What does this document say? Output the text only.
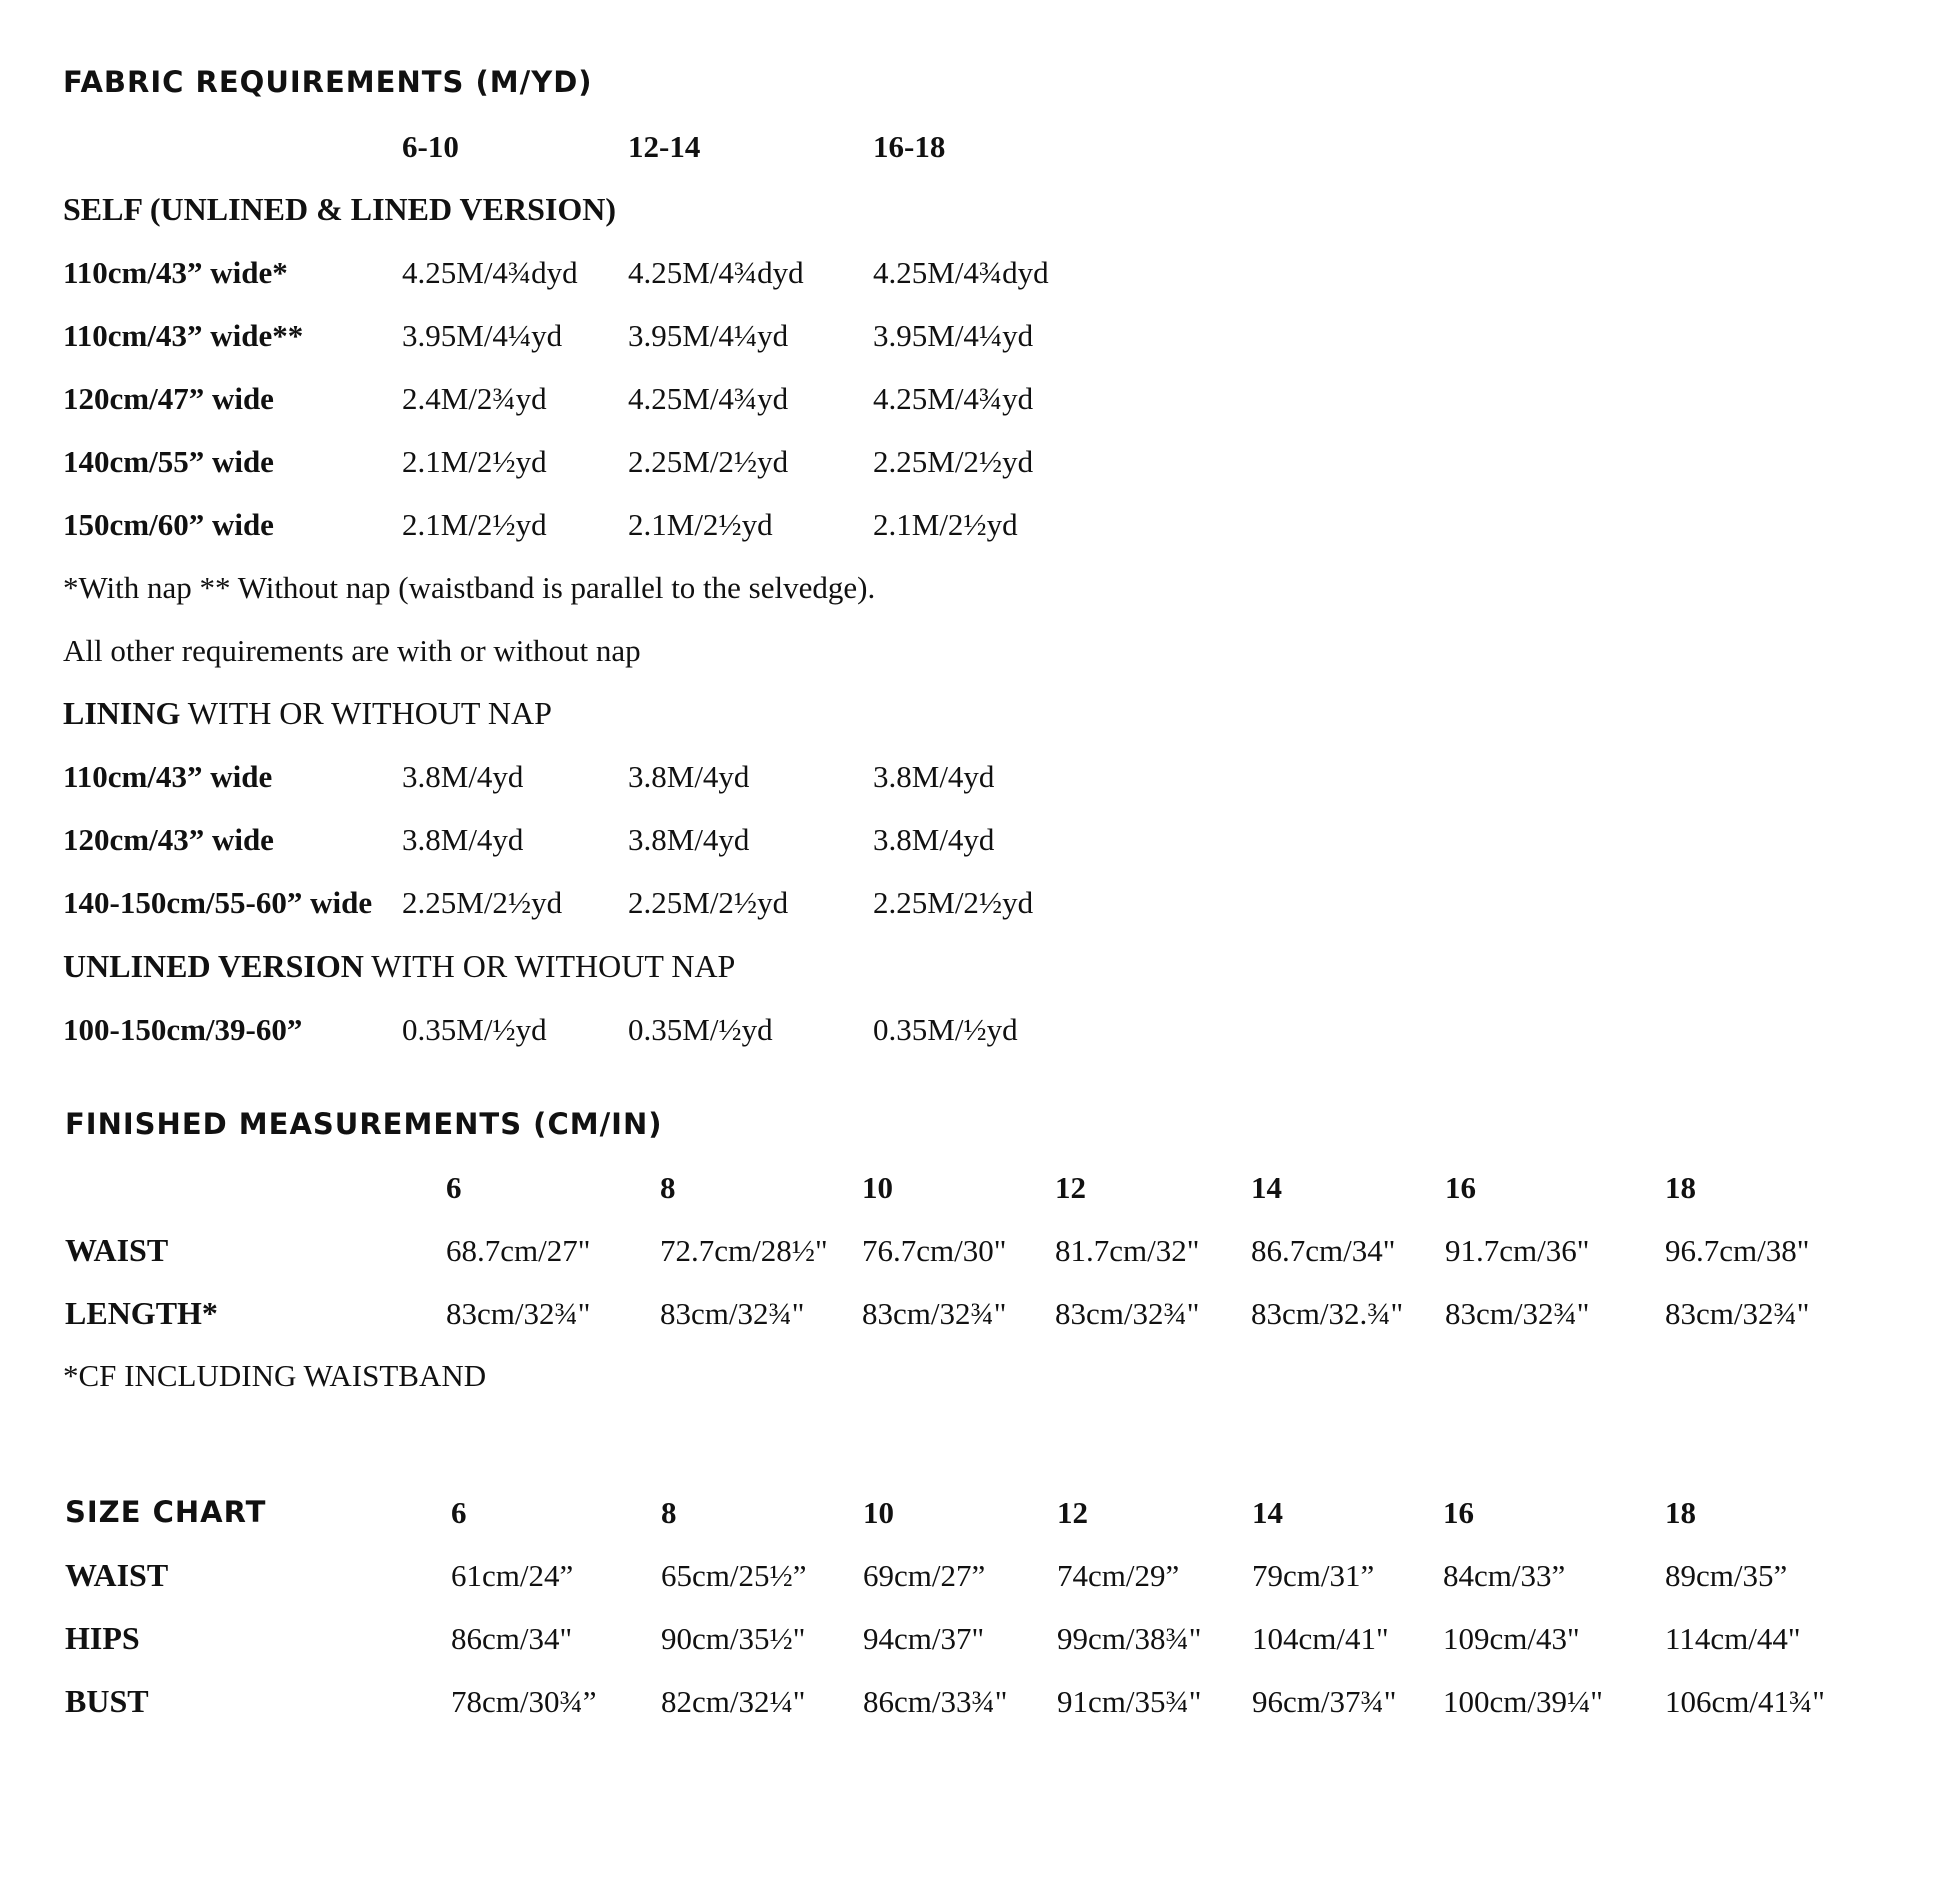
FABRIC REQUIREMENTS (M/YD)
6-10	12-14	16-18
SELF (UNLINED & LINED VERSION)
110cm/43” wide*	4.25M/4¾dyd 4.25M/4¾dyd 4.25M/4¾dyd
110cm/43” wide**	3.95M/4¼yd 3.95M/4¼yd	3.95M/4¼yd
120cm/47” wide	2.4M/2¾yd	4.25M/4¾yd	4.25M/4¾yd
140cm/55” wide	2.1M/2½yd	2.25M/2½yd	2.25M/2½yd
150cm/60” wide	2.1M/2½yd	2.1M/2½yd	2.1M/2½yd
*With nap ** Without nap (waistband is parallel to the selvedge).
All other requirements are with or without nap
LINING WITH OR WITHOUT NAP
110cm/43” wide	3.8M/4yd	3.8M/4yd	3.8M/4yd
120cm/43” wide	3.8M/4yd	3.8M/4yd	3.8M/4yd
140-150cm/55-60” wide 2.25M/2½yd 2.25M/2½yd	2.25M/2½yd
UNLINED VERSION WITH OR WITHOUT NAP
100-150cm/39-60”	0.35M/½yd	0.35M/½yd	0.35M/½yd
FINISHED MEASUREMENTS (CM/IN)
6	8	10	12	14	16	18
WAIST	68.7cm/27" 72.7cm/28½" 76.7cm/30" 81.7cm/32" 86.7cm/34" 91.7cm/36" 96.7cm/38"
LENGTH*	83cm/32¾" 83cm/32¾" 83cm/32¾" 83cm/32¾" 83cm/32.¾" 83cm/32¾" 83cm/32¾"
*CF INCLUDING WAISTBAND
SIZE CHART	6	8	10	12	14	16	18
WAIST	61cm/24”	65cm/25½” 69cm/27” 74cm/29” 79cm/31” 84cm/33”	89cm/35”
HIPS	86cm/34"	90cm/35½" 94cm/37" 99cm/38¾" 104cm/41" 109cm/43"	114cm/44"
BUST	78cm/30¾” 82cm/32¼" 86cm/33¾" 91cm/35¾" 96cm/37¾" 100cm/39¼" 106cm/41¾"
